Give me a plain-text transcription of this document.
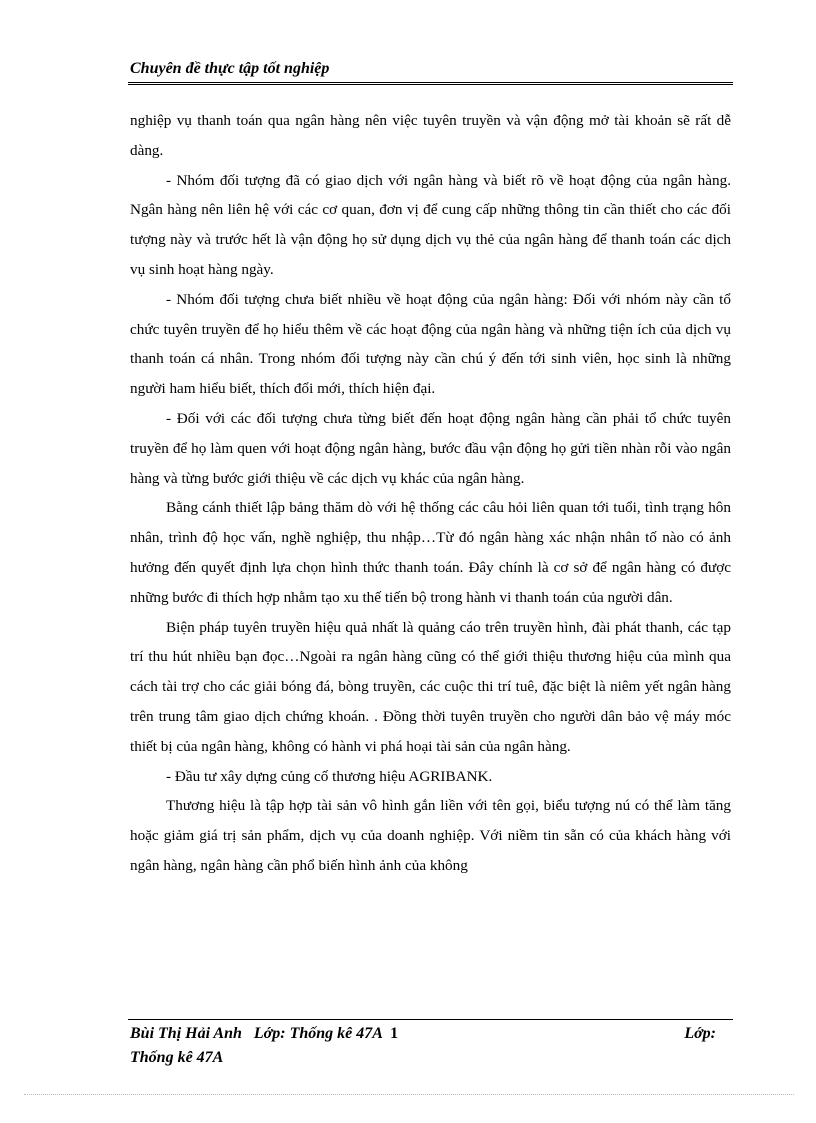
Chuyên đề thực tập tốt nghiệp

nghiệp vụ thanh toán qua ngân hàng nên việc tuyên truyền và vận động mở tài khoản sẽ rất dễ dàng.

- Nhóm đối tượng đã có giao dịch với ngân hàng và biết rõ về hoạt động của ngân hàng. Ngân hàng nên liên hệ với các cơ quan, đơn vị để cung cấp những thông tin cần thiết cho các đối tượng này và trước hết là vận động họ sử dụng dịch vụ thẻ của ngân hàng để thanh toán các dịch vụ sinh hoạt hàng ngày.

- Nhóm đối tượng chưa biết nhiều về hoạt động của ngân hàng: Đối với nhóm này cần tổ chức tuyên truyền để họ hiểu thêm về các hoạt động của ngân hàng và những tiện ích của dịch vụ thanh toán cá nhân. Trong nhóm đối tượng này cần chú ý đến tới sinh viên, học sinh là những người ham hiểu biết, thích đổi mới, thích hiện đại.

- Đối với các đối tượng chưa từng biết đến hoạt động ngân hàng cần phải tổ chức tuyên truyền để họ làm quen với hoạt động ngân hàng, bước đầu vận động họ gửi tiền nhàn rỗi vào ngân hàng và từng bước giới thiệu về các dịch vụ khác của ngân hàng.

Bằng cánh thiết lập bảng thăm dò với hệ thống các câu hỏi liên quan tới tuổi, tình trạng hôn nhân, trình độ học vấn, nghề nghiệp, thu nhập…Từ đó ngân hàng xác nhận nhân tố nào có ảnh hưởng đến quyết định lựa chọn hình thức thanh toán. Đây chính là cơ sở để ngân hàng có được những bước đi thích hợp nhằm tạo xu thế tiến bộ trong hành vi thanh toán của người dân.

Biện pháp tuyên truyền hiệu quả nhất là quảng cáo trên truyền hình, đài phát thanh, các tạp trí thu hút nhiều bạn đọc…Ngoài ra ngân hàng cũng có thể giới thiệu thương hiệu của mình qua cách tài trợ cho các giải bóng đá, bòng truyền, các cuộc thi trí tuê, đặc biệt là niêm yết ngân hàng trên trung tâm giao dịch chứng khoán. . Đồng thời tuyên truyền cho người dân bảo vệ máy móc thiết bị của ngân hàng, không có hành vi phá hoại tài sản của ngân hàng.

- Đầu tư xây dựng củng cố thương hiệu AGRIBANK.

Thương hiệu là tập hợp tài sản vô hình gắn liền với tên gọi, biểu tượng nú có thể làm tăng hoặc giảm giá trị sản phẩm, dịch vụ của doanh nghiệp. Với niềm tin sẵn có của khách hàng với ngân hàng, ngân hàng cần phổ biến hình ảnh của không

Bùi Thị Hải Anh Lớp: Thống kê 47A 1	Lớp:
Thống kê 47A
